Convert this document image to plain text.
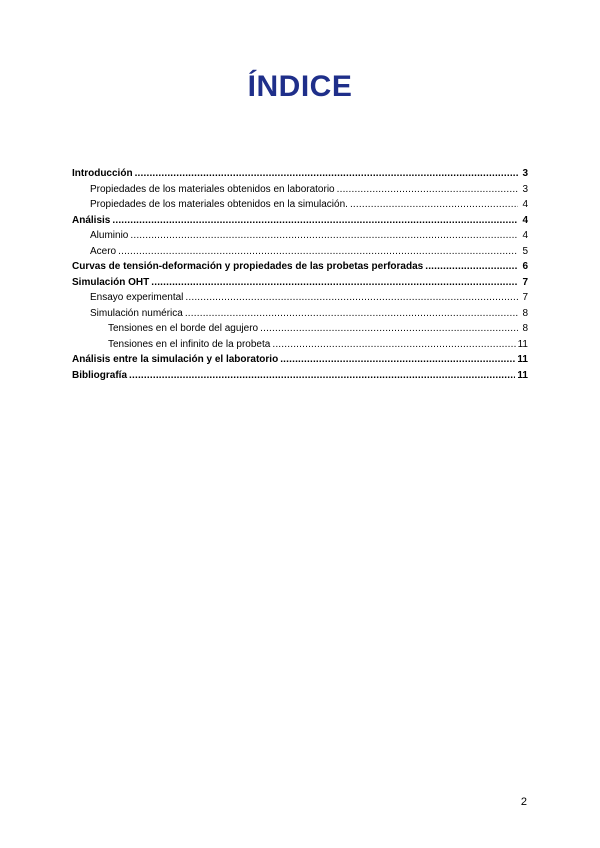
ÍNDICE
Introducción .....	3
Propiedades de los materiales obtenidos en laboratorio .....	3
Propiedades de los materiales obtenidos en la simulación. .....	4
Análisis .....	4
Aluminio .....	4
Acero .....	5
Curvas de tensión-deformación y propiedades de las probetas perforadas .....	6
Simulación OHT .....	7
Ensayo experimental .....	7
Simulación numérica .....	8
Tensiones en el borde del agujero .....	8
Tensiones en el infinito de la probeta .....	11
Análisis entre la simulación y el laboratorio .....	11
Bibliografía .....	11

2
